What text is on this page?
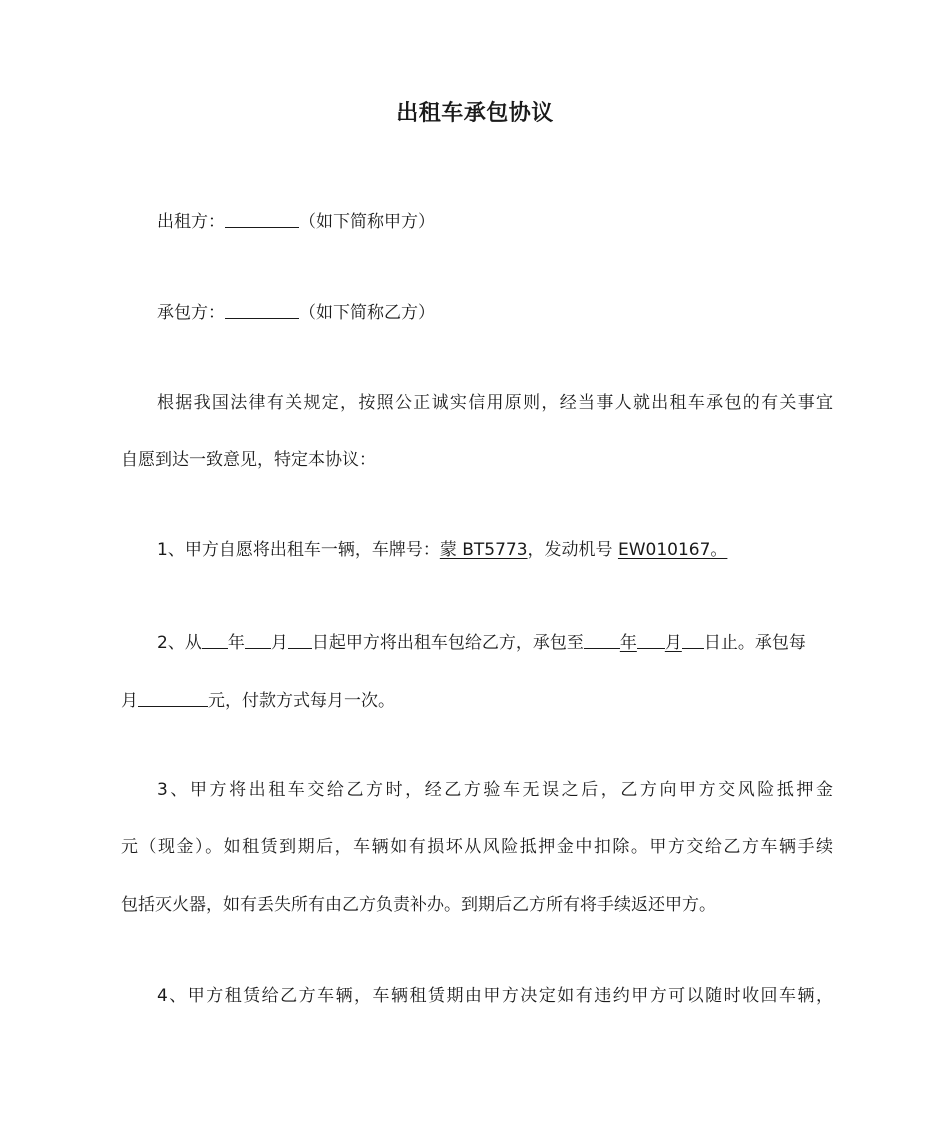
出租车承包协议
出租方：	（如下简称甲方）
承包方：	（如下简称乙方）
根据我国法律有关规定，按照公正诚实信用原则，经当事人就出租车承包的有关事宜
自愿到达一致意见，特定本协议：
1、甲方自愿将出租车一辆，车牌号：蒙 BT5773，发动机号 EW010167。
2、从 年 月 日起甲方将出租车包给乙方，承包至 年 月 日止。承包每
月	元，付款方式每月一次。
3、甲方将出租车交给乙方时，经乙方验车无误之后，乙方向甲方交风险抵押金
元（现金）。如租赁到期后，车辆如有损坏从风险抵押金中扣除。甲方交给乙方车辆手续
包括灭火器，如有丢失所有由乙方负责补办。到期后乙方所有将手续返还甲方。
4、甲方租赁给乙方车辆，车辆租赁期由甲方决定如有违约甲方可以随时收回车辆，
